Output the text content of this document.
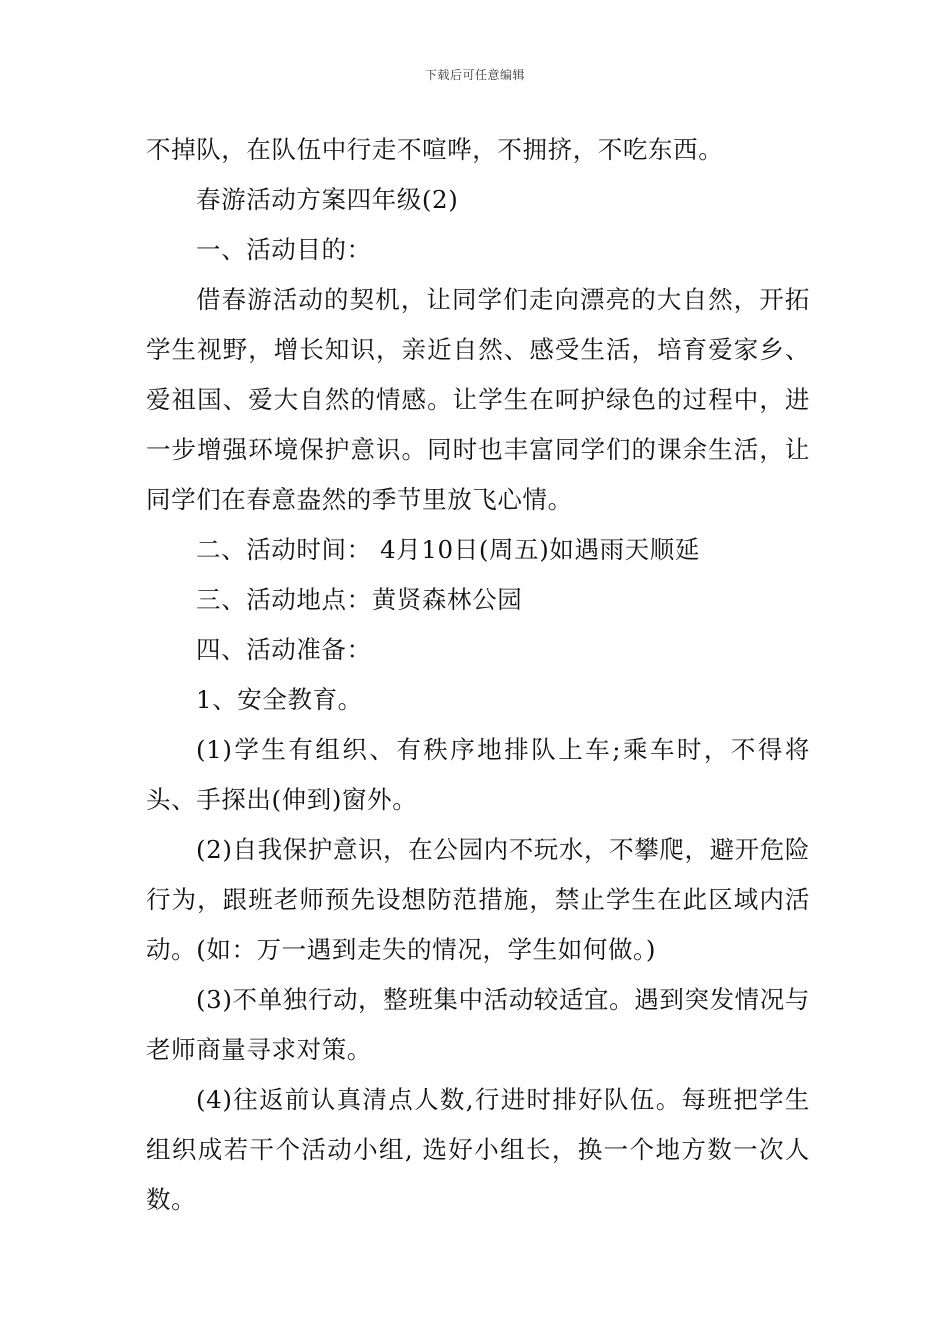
下载后可任意编辑

不掉队，在队伍中行走不喧哗，不拥挤，不吃东西。

春游活动方案四年级(2)

一、活动目的：

借春游活动的契机，让同学们走向漂亮的大自然，开拓学生视野，增长知识，亲近自然、感受生活，培育爱家乡、爱祖国、爱大自然的情感。让学生在呵护绿色的过程中，进一步增强环境保护意识。同时也丰富同学们的课余生活，让同学们在春意盎然的季节里放飞心情。

二、活动时间： 4月10日(周五)如遇雨天顺延

三、活动地点：黄贤森林公园

四、活动准备：

1、安全教育。

(1)学生有组织、有秩序地排队上车;乘车时，不得将头、手探出(伸到)窗外。

(2)自我保护意识，在公园内不玩水，不攀爬，避开危险行为，跟班老师预先设想防范措施，禁止学生在此区域内活动。(如：万一遇到走失的情况，学生如何做。)

(3)不单独行动，整班集中活动较适宜。遇到突发情况与老师商量寻求对策。

(4)往返前认真清点人数,行进时排好队伍。每班把学生组织成若干个活动小组, 选好小组长，换一个地方数一次人数。
